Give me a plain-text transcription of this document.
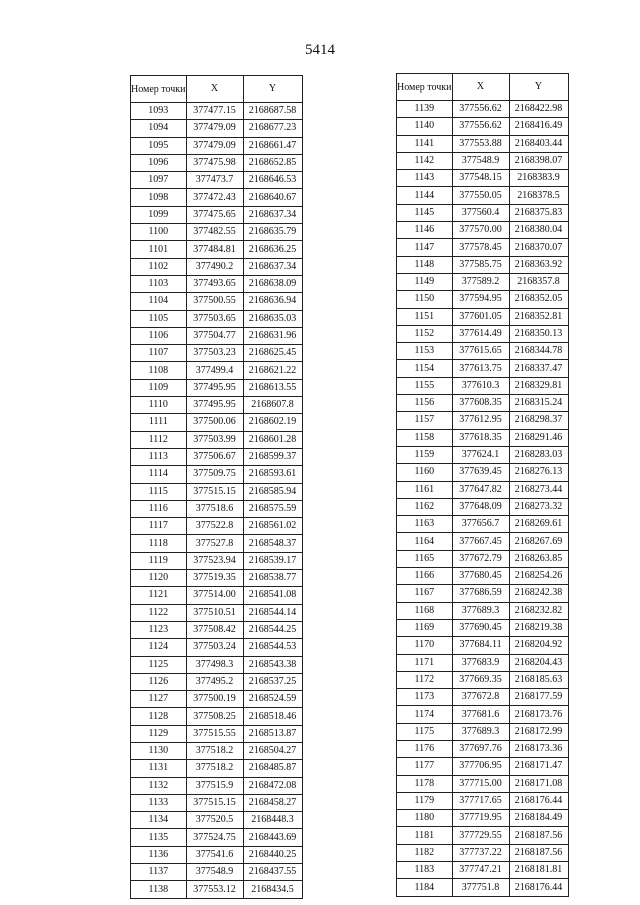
5414
Номер точки	X	Y
1093	377477.15	2168687.58
1094	377479.09	2168677.23
1095	377479.09	2168661.47
1096	377475.98	2168652.85
1097	377473.7	2168646.53
1098	377472.43	2168640.67
1099	377475.65	2168637.34
1100	377482.55	2168635.79
1101	377484.81	2168636.25
1102	377490.2	2168637.34
1103	377493.65	2168638.09
1104	377500.55	2168636.94
1105	377503.65	2168635.03
1106	377504.77	2168631.96
1107	377503.23	2168625.45
1108	377499.4	2168621.22
1109	377495.95	2168613.55
1110	377495.95	2168607.8
1111	377500.06	2168602.19
1112	377503.99	2168601.28
1113	377506.67	2168599.37
1114	377509.75	2168593.61
1115	377515.15	2168585.94
1116	377518.6	2168575.59
1117	377522.8	2168561.02
1118	377527.8	2168548.37
1119	377523.94	2168539.17
1120	377519.35	2168538.77
1121	377514.00	2168541.08
1122	377510.51	2168544.14
1123	377508.42	2168544.25
1124	377503.24	2168544.53
1125	377498.3	2168543.38
1126	377495.2	2168537.25
1127	377500.19	2168524.59
1128	377508.25	2168518.46
1129	377515.55	2168513.87
1130	377518.2	2168504.27
1131	377518.2	2168485.87
1132	377515.9	2168472.08
1133	377515.15	2168458.27
1134	377520.5	2168448.3
1135	377524.75	2168443.69
1136	377541.6	2168440.25
1137	377548.9	2168437.55
1138	377553.12	2168434.5
Номер точки	X	Y
1139	377556.62	2168422.98
1140	377556.62	2168416.49
1141	377553.88	2168403.44
1142	377548.9	2168398.07
1143	377548.15	2168383.9
1144	377550.05	2168378.5
1145	377560.4	2168375.83
1146	377570.00	2168380.04
1147	377578.45	2168370.07
1148	377585.75	2168363.92
1149	377589.2	2168357.8
1150	377594.95	2168352.05
1151	377601.05	2168352.81
1152	377614.49	2168350.13
1153	377615.65	2168344.78
1154	377613.75	2168337.47
1155	377610.3	2168329.81
1156	377608.35	2168315.24
1157	377612.95	2168298.37
1158	377618.35	2168291.46
1159	377624.1	2168283.03
1160	377639.45	2168276.13
1161	377647.82	2168273.44
1162	377648.09	2168273.32
1163	377656.7	2168269.61
1164	377667.45	2168267.69
1165	377672.79	2168263.85
1166	377680.45	2168254.26
1167	377686.59	2168242.38
1168	377689.3	2168232.82
1169	377690.45	2168219.38
1170	377684.11	2168204.92
1171	377683.9	2168204.43
1172	377669.35	2168185.63
1173	377672.8	2168177.59
1174	377681.6	2168173.76
1175	377689.3	2168172.99
1176	377697.76	2168173.36
1177	377706.95	2168171.47
1178	377715.00	2168171.08
1179	377717.65	2168176.44
1180	377719.95	2168184.49
1181	377729.55	2168187.56
1182	377737.22	2168187.56
1183	377747.21	2168181.81
1184	377751.8	2168176.44
